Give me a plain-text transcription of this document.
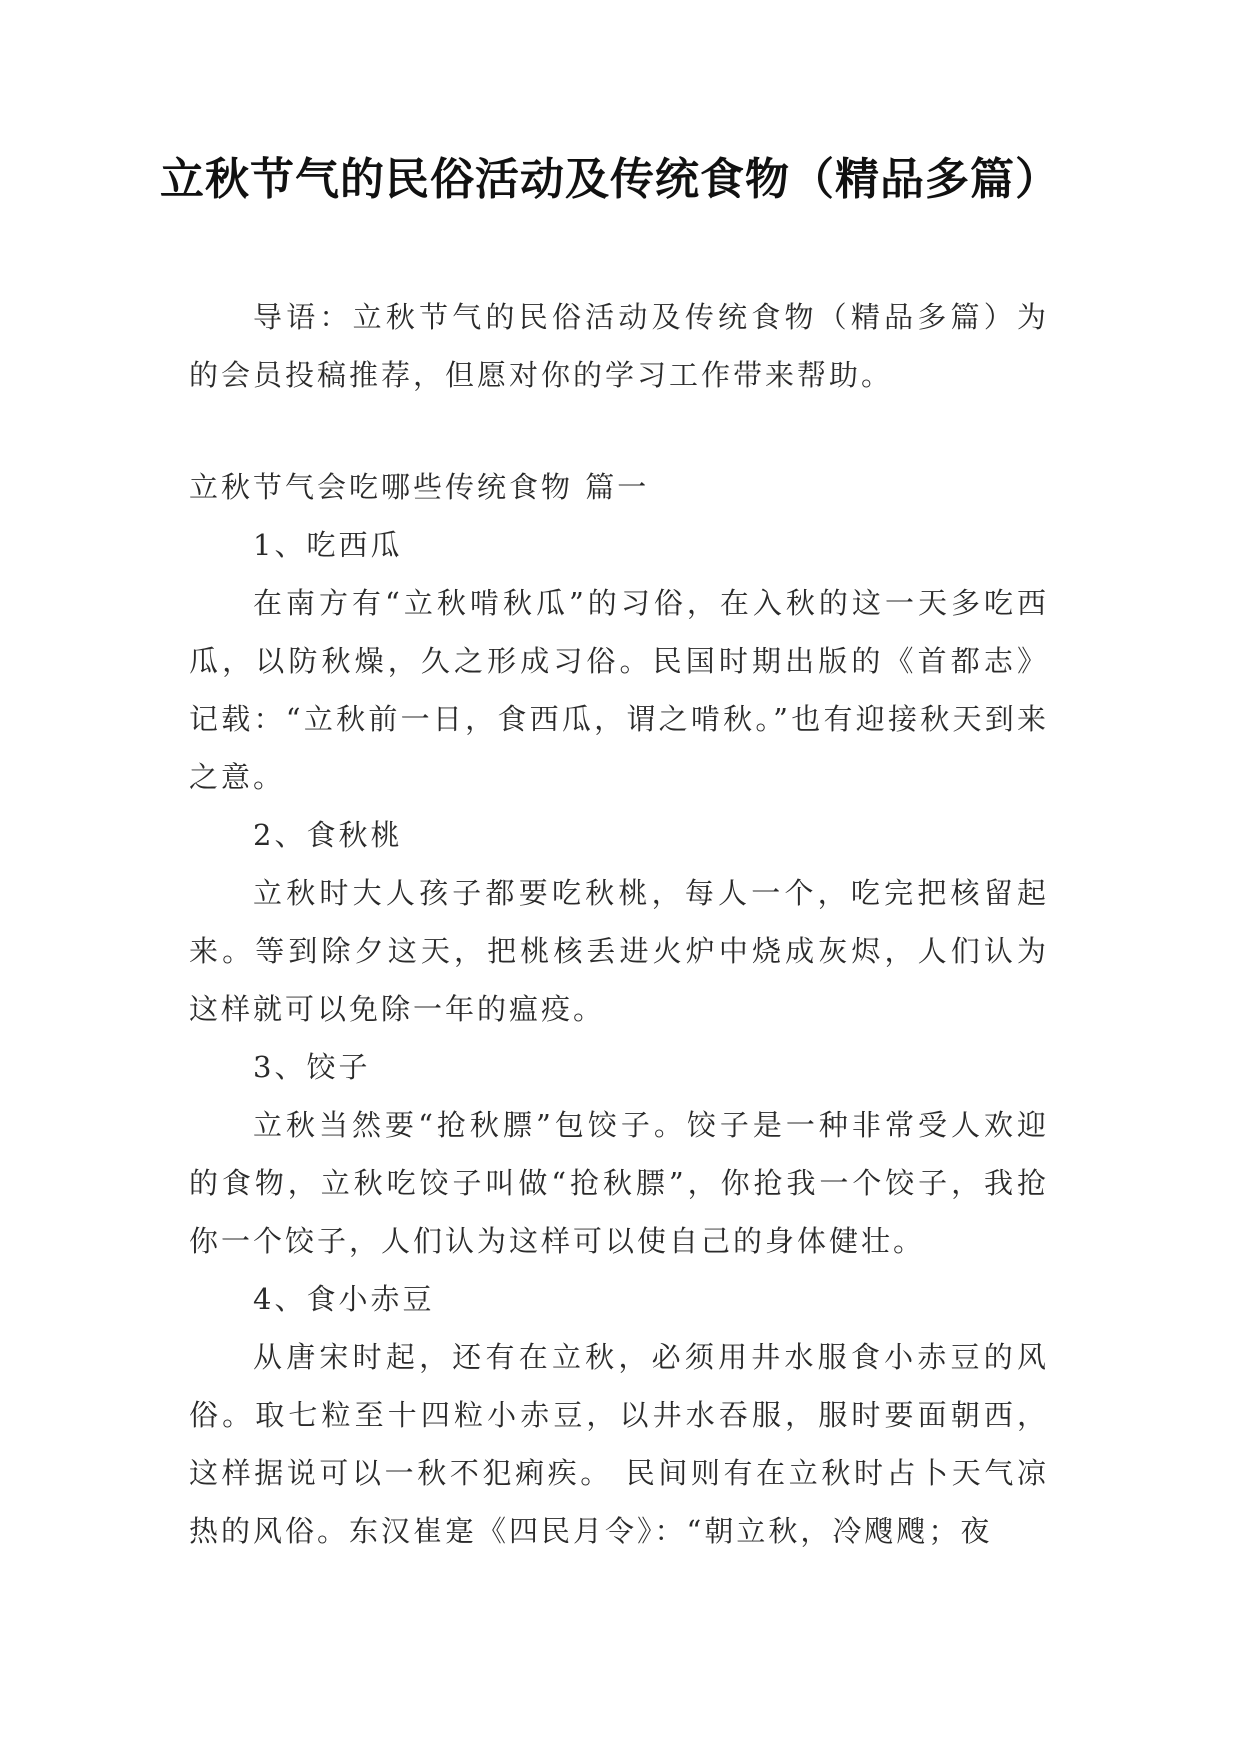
立秋节气的民俗活动及传统食物（精品多篇）

导语：立秋节气的民俗活动及传统食物（精品多篇）为的会员投稿推荐，但愿对你的学习工作带来帮助。

立秋节气会吃哪些传统食物 篇一

1、吃西瓜

在南方有“立秋啃秋瓜”的习俗，在入秋的这一天多吃西瓜，以防秋燥，久之形成习俗。民国时期出版的《首都志》记载：“立秋前一日，食西瓜，谓之啃秋。”也有迎接秋天到来之意。

2、食秋桃

立秋时大人孩子都要吃秋桃，每人一个，吃完把核留起来。等到除夕这天，把桃核丢进火炉中烧成灰烬，人们认为这样就可以免除一年的瘟疫。

3、饺子

立秋当然要“抢秋膘”包饺子。饺子是一种非常受人欢迎的食物，立秋吃饺子叫做“抢秋膘”，你抢我一个饺子，我抢你一个饺子，人们认为这样可以使自己的身体健壮。

4、食小赤豆

从唐宋时起，还有在立秋，必须用井水服食小赤豆的风俗。取七粒至十四粒小赤豆，以井水吞服，服时要面朝西，这样据说可以一秋不犯痢疾。 民间则有在立秋时占卜天气凉热的风俗。东汉崔寔《四民月令》：“朝立秋，冷飕飕；夜
